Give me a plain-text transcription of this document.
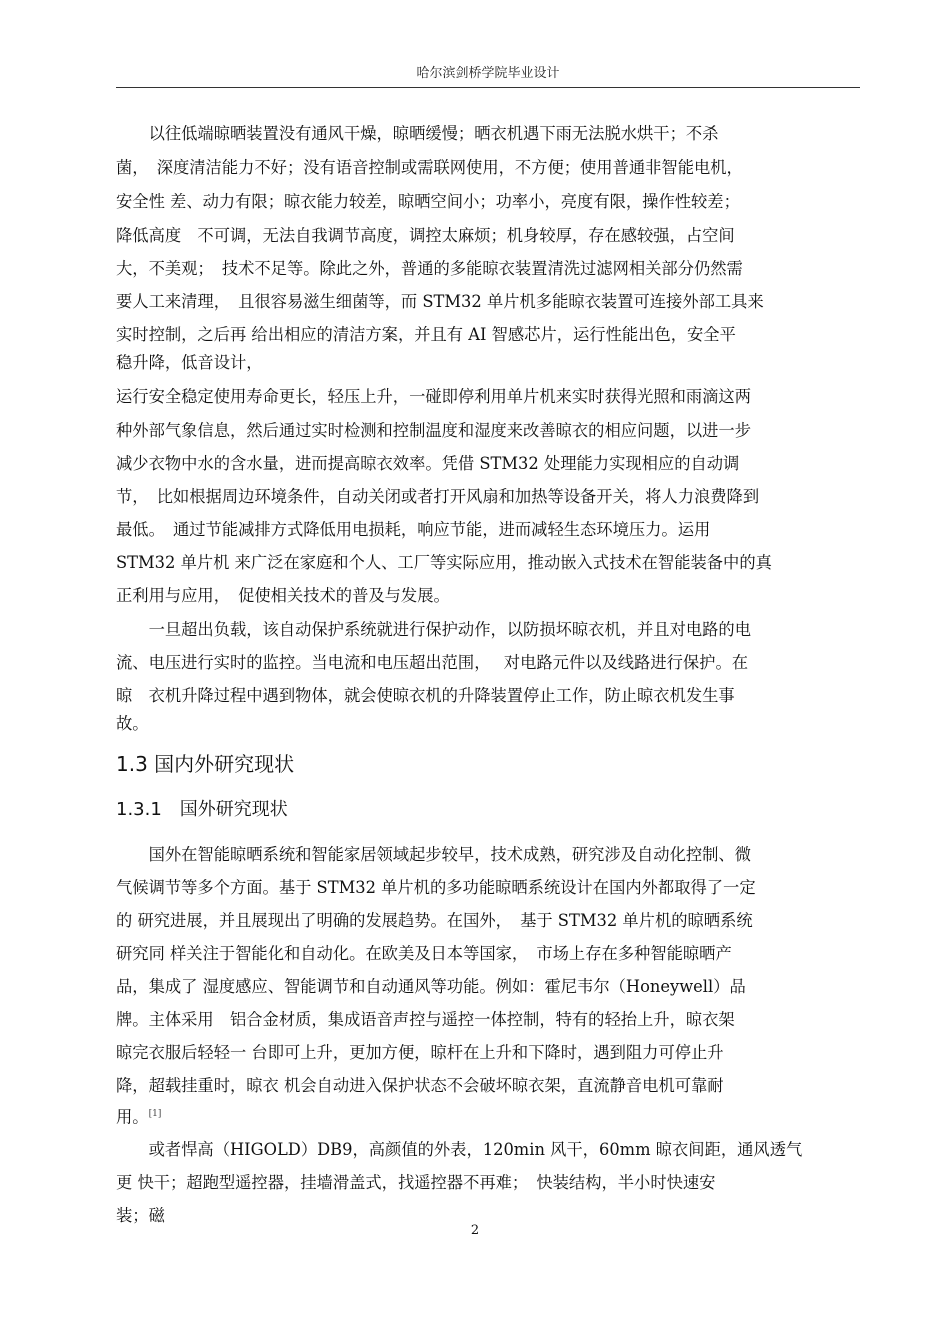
哈尔滨剑桥学院毕业设计
　　以往低端晾晒装置没有通风干燥，晾晒缓慢；晒衣机遇下雨无法脱水烘干；不杀
菌，　深度清洁能力不好；没有语音控制或需联网使用，不方便；使用普通非智能电机，
安全性 差、动力有限；晾衣能力较差，晾晒空间小；功率小，亮度有限，操作性较差；
降低高度　不可调，无法自我调节高度，调控太麻烦；机身较厚，存在感较强，占空间
大，不美观；　技术不足等。除此之外，普通的多能晾衣装置清洗过滤网相关部分仍然需
要人工来清理，　且很容易滋生细菌等，而 STM32 单片机多能晾衣装置可连接外部工具来
实时控制，之后再 给出相应的清洁方案，并且有 AI 智感芯片，运行性能出色，安全平
稳升降，低音设计，
运行安全稳定使用寿命更长，轻压上升，一碰即停利用单片机来实时获得光照和雨滴这两
种外部气象信息，然后通过实时检测和控制温度和湿度来改善晾衣的相应问题，以进一步
减少衣物中水的含水量，进而提高晾衣效率。凭借 STM32 处理能力实现相应的自动调
节，　比如根据周边环境条件，自动关闭或者打开风扇和加热等设备开关，将人力浪费降到
最低。　通过节能减排方式降低用电损耗，响应节能，进而减轻生态环境压力。运用
STM32 单片机 来广泛在家庭和个人、工厂等实际应用，推动嵌入式技术在智能装备中的真
正利用与应用，　促使相关技术的普及与发展。
　　一旦超出负载，该自动保护系统就进行保护动作，以防损坏晾衣机，并且对电路的电
流、电压进行实时的监控。当电流和电压超出范围，　 对电路元件以及线路进行保护。在
晾　衣机升降过程中遇到物体，就会使晾衣机的升降装置停止工作，防止晾衣机发生事
故。
1.3 国内外研究现状
1.3.1　国外研究现状
　　国外在智能晾晒系统和智能家居领域起步较早，技术成熟，研究涉及自动化控制、微
气候调节等多个方面。基于 STM32 单片机的多功能晾晒系统设计在国内外都取得了一定
的 研究进展，并且展现出了明确的发展趋势。在国外，　基于 STM32 单片机的晾晒系统
研究同 样关注于智能化和自动化。在欧美及日本等国家，　市场上存在多种智能晾晒产
品，集成了 湿度感应、智能调节和自动通风等功能。例如：霍尼韦尔（Honeywell）品
牌。主体采用　铝合金材质，集成语音声控与遥控一体控制，特有的轻抬上升，晾衣架
晾完衣服后轻轻一 台即可上升，更加方便，晾杆在上升和下降时，遇到阻力可停止升
降，超载挂重时，晾衣 机会自动进入保护状态不会破坏晾衣架，直流静音电机可靠耐
用。[1]
　　或者悍高（HIGOLD）DB9，高颜值的外表，120min 风干，60mm 晾衣间距，通风透气
更 快干；超跑型遥控器，挂墙滑盖式，找遥控器不再难；　快装结构，半小时快速安
装；磁
2
